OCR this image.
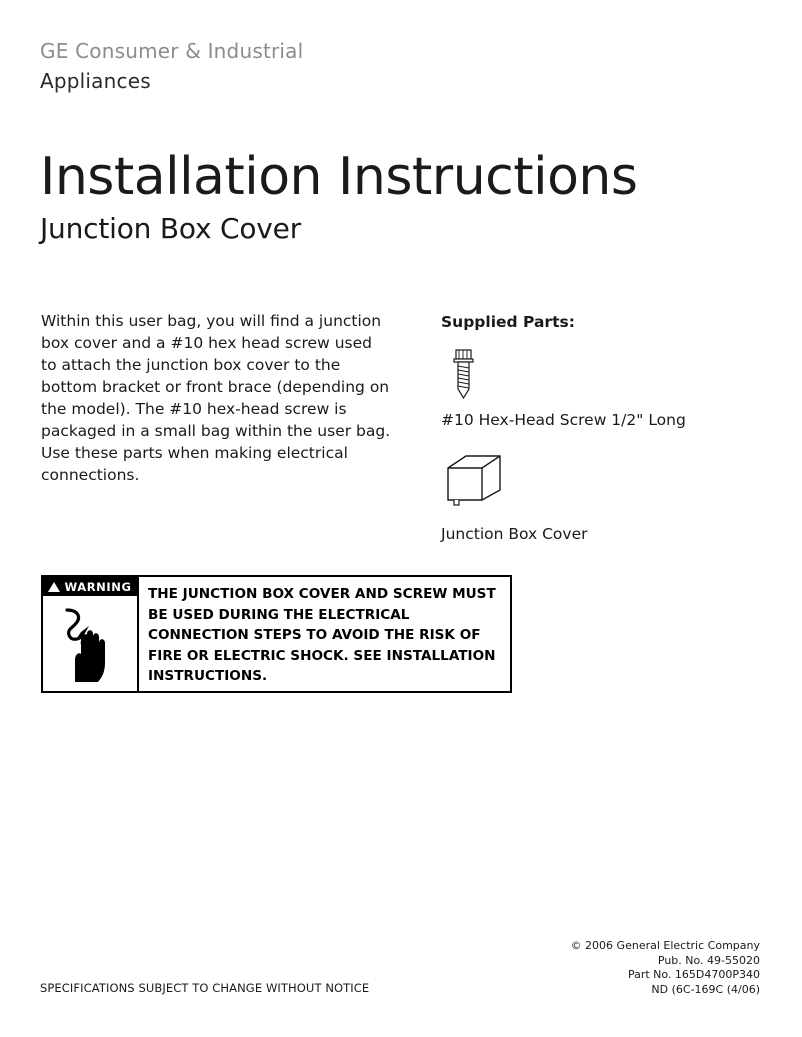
GE Consumer & Industrial
Appliances
Installation Instructions
Junction Box Cover
Within this user bag, you will find a junction box cover and a #10 hex head screw used to attach the junction box cover to the bottom bracket or front brace (depending on the model). The #10 hex-head screw is packaged in a small bag within the user bag. Use these parts when making electrical connections.
Supplied Parts:
#10 Hex-Head Screw 1/2" Long
Junction Box Cover
WARNING	THE JUNCTION BOX COVER AND SCREW MUST BE USED DURING THE ELECTRICAL CONNECTION STEPS TO AVOID THE RISK OF FIRE OR ELECTRIC SHOCK. SEE INSTALLATION INSTRUCTIONS.
SPECIFICATIONS SUBJECT TO CHANGE WITHOUT NOTICE
© 2006 General Electric Company
Pub. No. 49-55020
Part No. 165D4700P340
ND (6C-169C (4/06)
